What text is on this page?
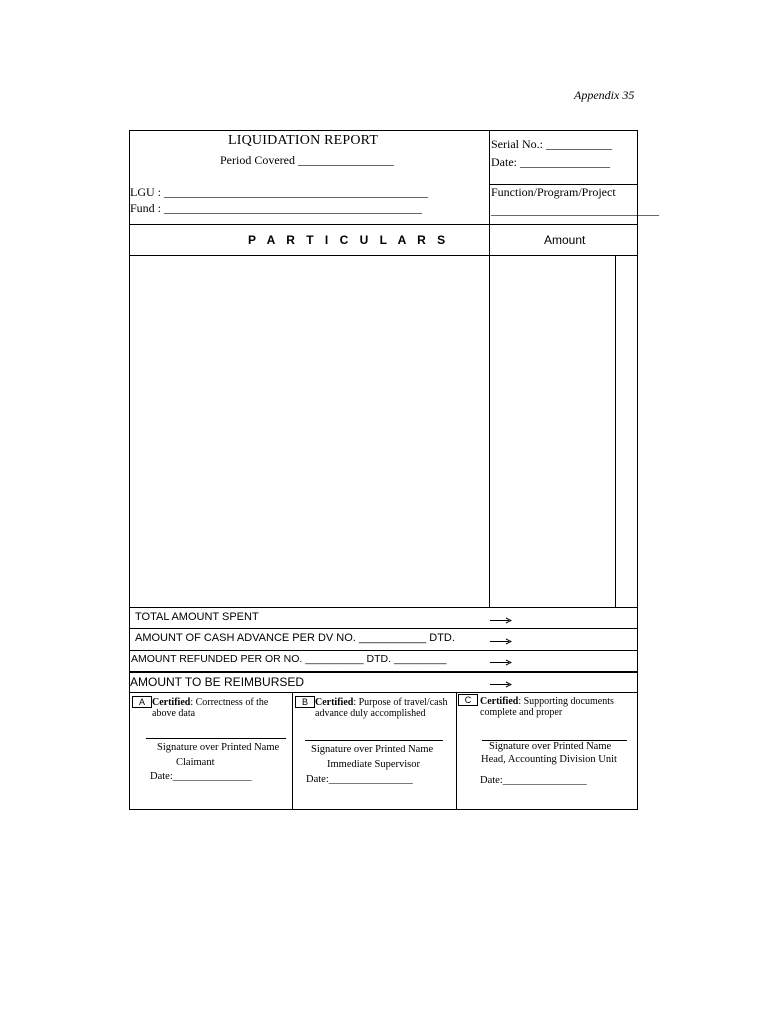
Appendix 35
LIQUIDATION REPORT
Period Covered ________________
LGU : ____________________________________________
Fund : ___________________________________________
Serial No.: ___________
Date: _______________
Function/Program/Project
____________________________
P A R T I C U L A R S	Amount
TOTAL AMOUNT SPENT
AMOUNT OF CASH ADVANCE PER DV NO. ___________ DTD.
AMOUNT REFUNDED PER OR NO. __________ DTD. _________
AMOUNT TO BE REIMBURSED
A Certified: Correctness of the above data
Signature over Printed Name
Claimant
Date:_______________
B Certified: Purpose of travel/cash advance duly accomplished
Signature over Printed Name
Immediate Supervisor
Date:________________
C Certified: Supporting documents complete and proper
Signature over Printed Name
Head, Accounting Division Unit
Date:________________
